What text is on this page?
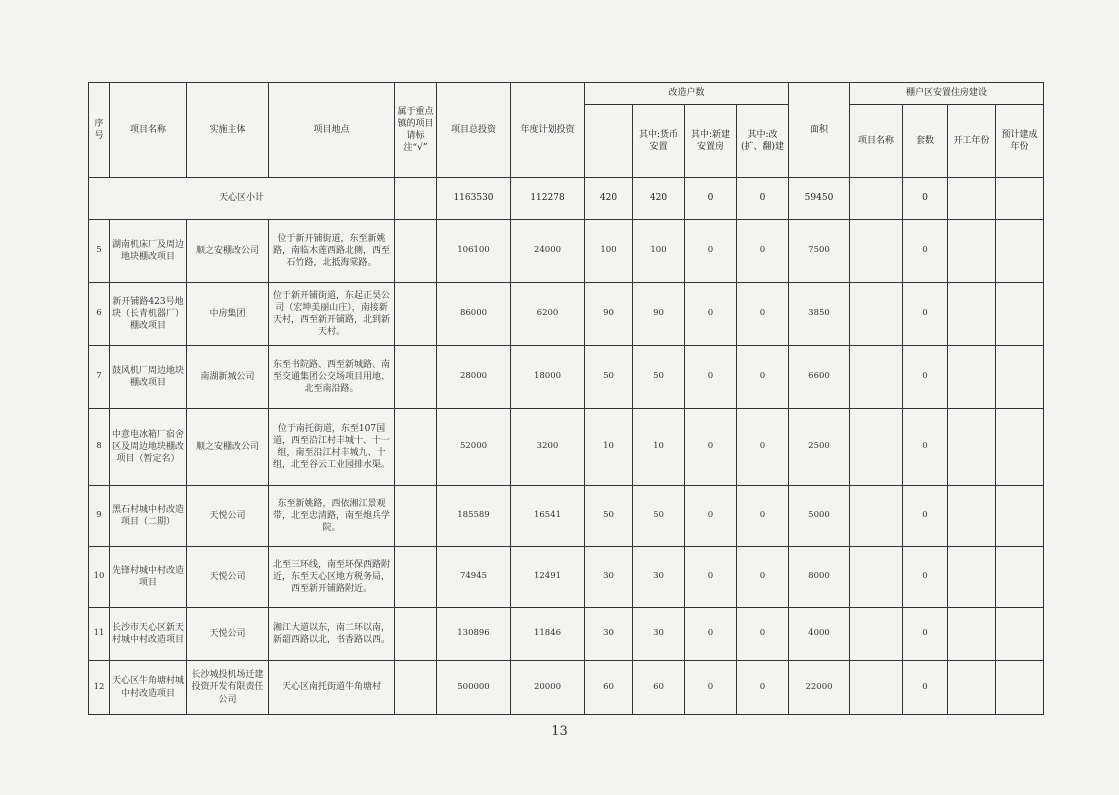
序号	项目名称	实施主体	项目地点	属于重点镇的项目请标注“√”	项目总投资	年度计划投资	改造户数				面积	棚户区安置住房建设			
								其中:货币安置	其中:新建安置房	其中:改(扩、翻)建		项目名称	套数	开工年份	预计建成年份
天心区小计					1163530	112278	420	420	0	0	59450		0		
5	湖南机床厂及周边地块棚改项目	顺之安棚改公司	位于新开铺街道，东至新姚路，南临木莲西路北侧，西至石竹路，北抵海棠路。		106100	24000	100	100	0	0	7500		0		
6	新开铺路423号地块（长青机器厂）棚改项目	中房集团	位于新开铺街道，东起正昊公司（宏坤美丽山庄），南接新天村，西至新开铺路，北到新天村。		86000	6200	90	90	0	0	3850		0		
7	鼓风机厂周边地块棚改项目	南湖新城公司	东至书院路、西至新城路、南至交通集团公交场项目用地、北至南沿路。		28000	18000	50	50	0	0	6600		0		
8	中意电冰箱厂宿舍区及周边地块棚改项目（暂定名）	顺之安棚改公司	位于南托街道，东至107国道，西至沿江村丰城十、十一组，南至沿江村丰城九、十组，北至谷云工业园排水渠。		52000	3200	10	10	0	0	2500		0		
9	黑石村城中村改造项目（二期）	天悦公司	东至新姚路，西依湘江景观带，北至忠清路，南至炮兵学院。		185589	16541	50	50	0	0	5000		0		
10	先锋村城中村改造项目	天悦公司	北至三环线，南至环保西路附近，东至天心区地方税务局，西至新开铺路附近。		74945	12491	30	30	0	0	8000		0		
11	长沙市天心区新天村城中村改造项目	天悦公司	湘江大道以东，南二环以南，新韶西路以北，书香路以西。		130896	11846	30	30	0	0	4000		0		
12	天心区牛角塘村城中村改造项目	长沙城投机场迁建投资开发有限责任公司	天心区南托街道牛角塘村		500000	20000	60	60	0	0	22000		0		
13
